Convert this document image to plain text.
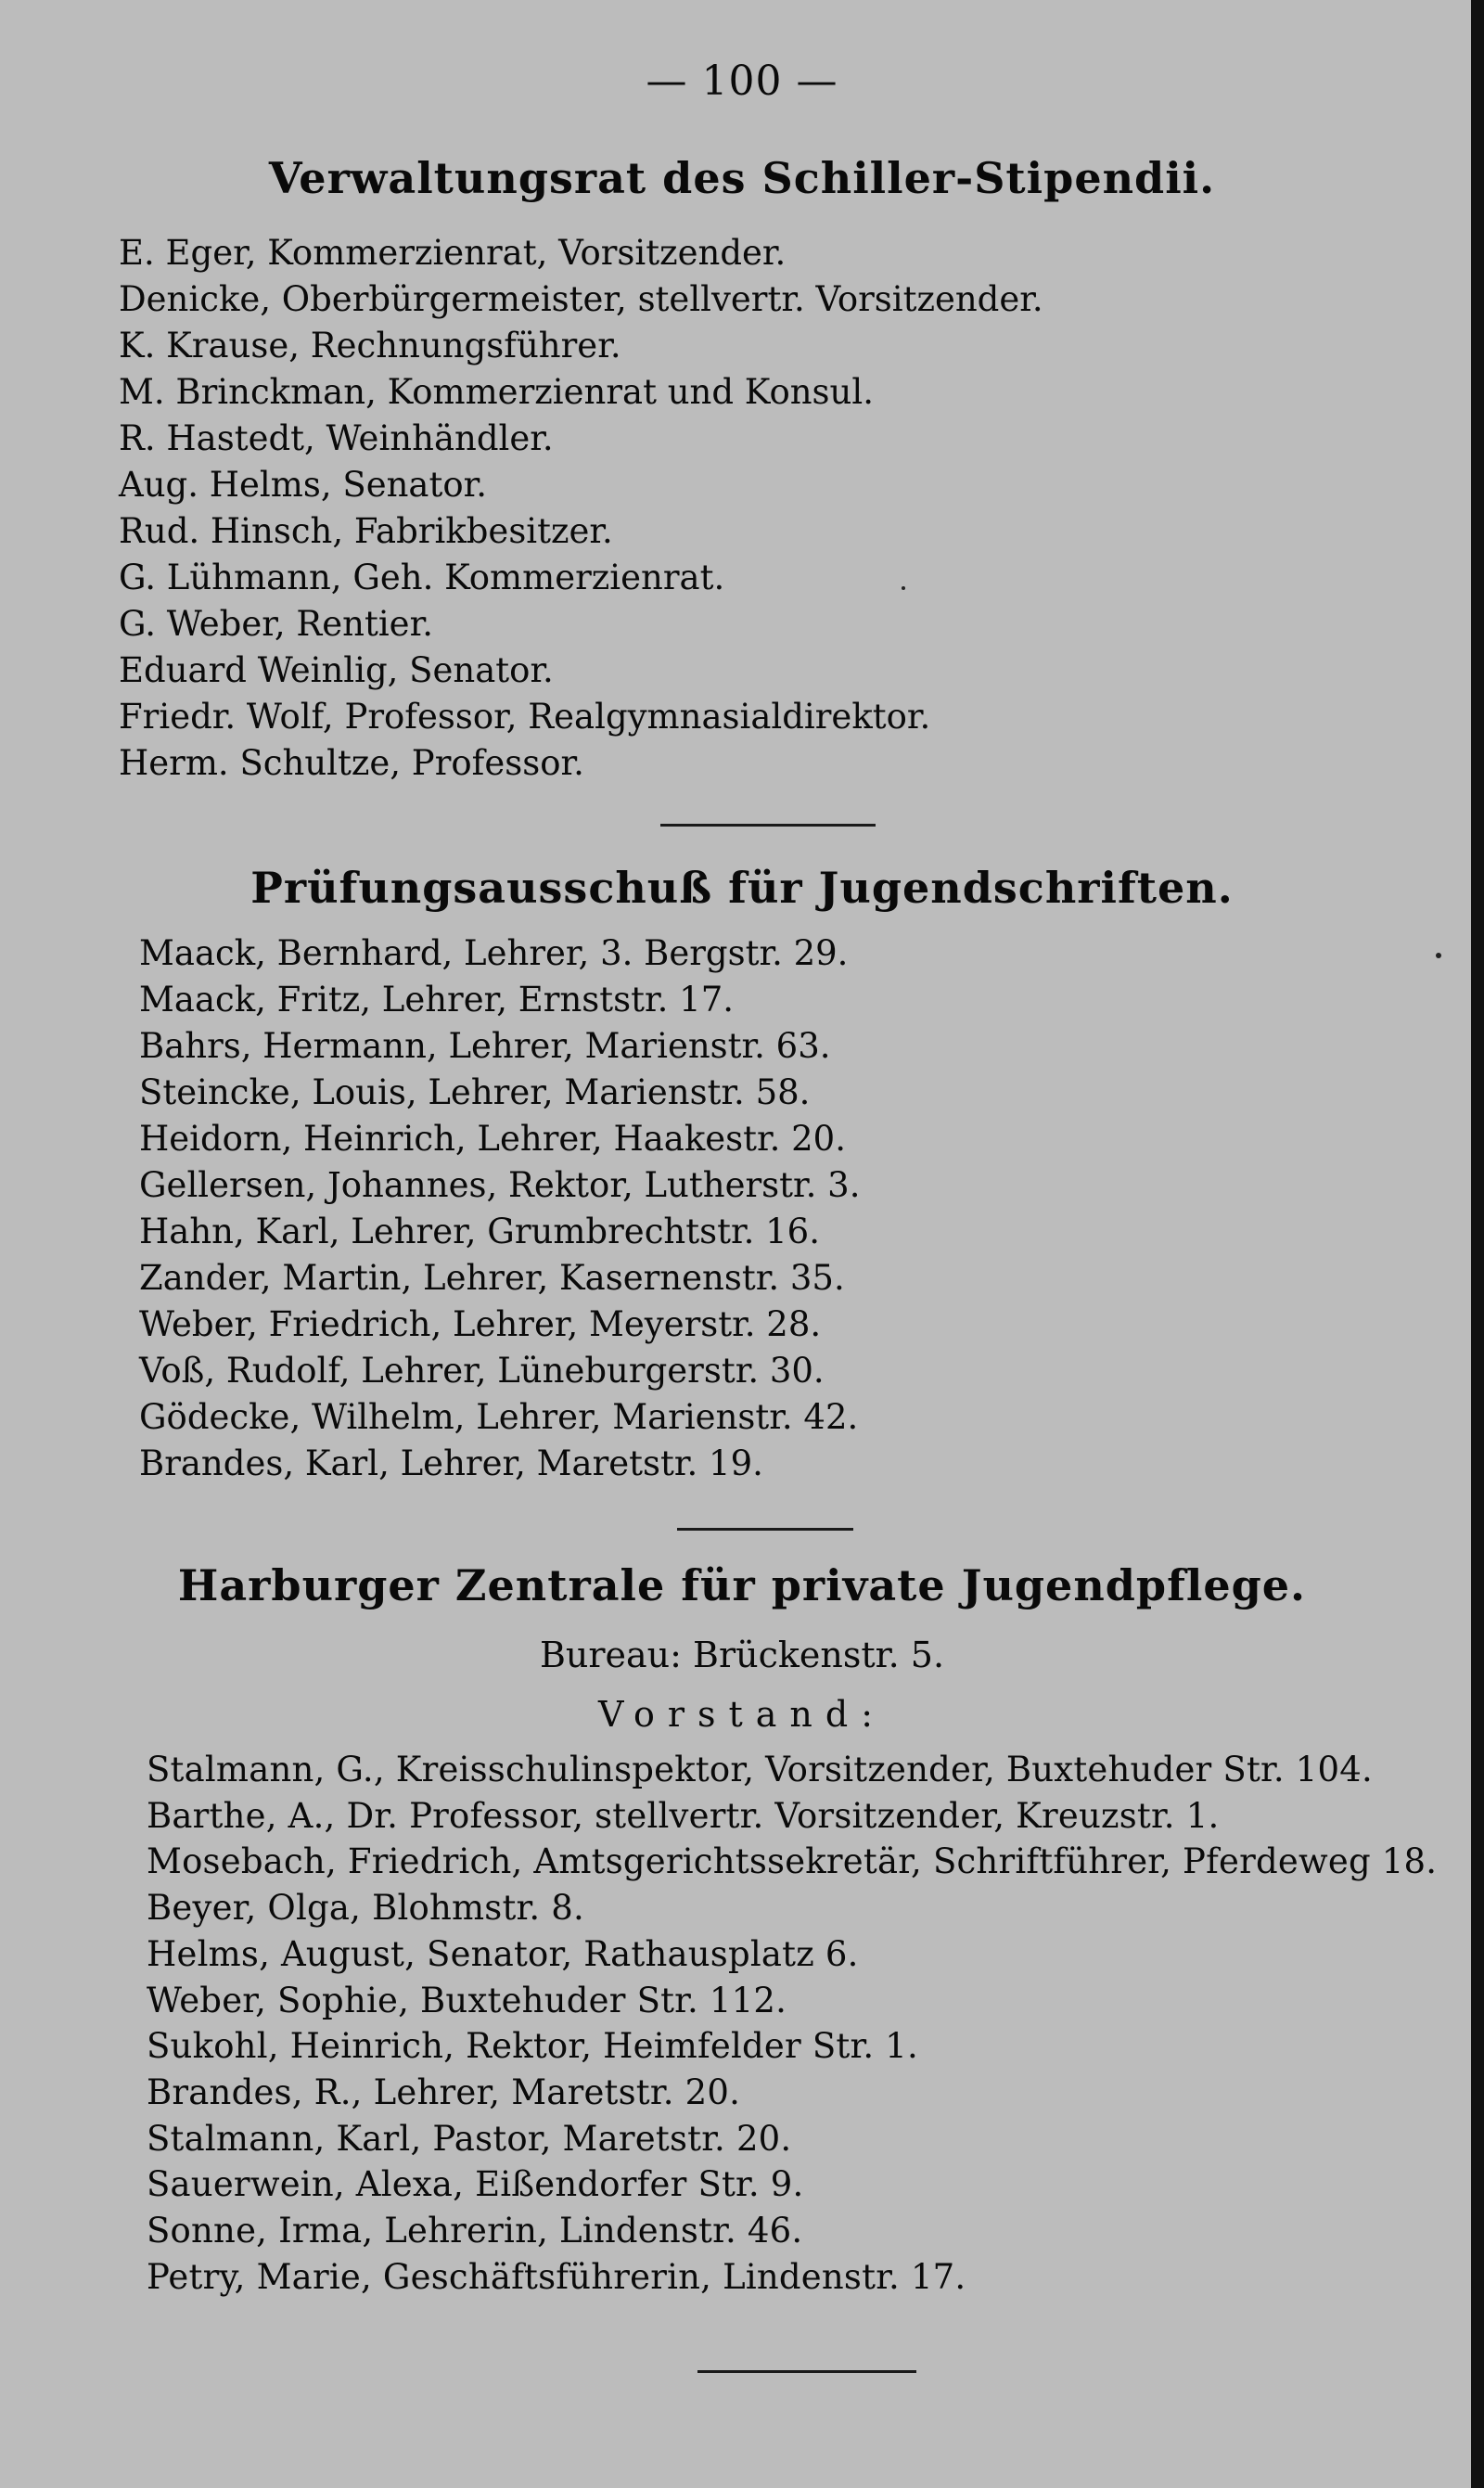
— 100 —
Verwaltungsrat des Schiller-Stipendii.
E. Eger, Kommerzienrat, Vorsitzender.
Denicke, Oberbürgermeister, stellvertr. Vorsitzender.
K. Krause, Rechnungsführer.
M. Brinckman, Kommerzienrat und Konsul.
R. Hastedt, Weinhändler.
Aug. Helms, Senator.
Rud. Hinsch, Fabrikbesitzer.
G. Lühmann, Geh. Kommerzienrat.
G. Weber, Rentier.
Eduard Weinlig, Senator.
Friedr. Wolf, Professor, Realgymnasialdirektor.
Herm. Schultze, Professor.
Prüfungsausschuß für Jugendschriften.
Maack, Bernhard, Lehrer, 3. Bergstr. 29.
Maack, Fritz, Lehrer, Ernststr. 17.
Bahrs, Hermann, Lehrer, Marienstr. 63.
Steincke, Louis, Lehrer, Marienstr. 58.
Heidorn, Heinrich, Lehrer, Haakestr. 20.
Gellersen, Johannes, Rektor, Lutherstr. 3.
Hahn, Karl, Lehrer, Grumbrechtstr. 16.
Zander, Martin, Lehrer, Kasernenstr. 35.
Weber, Friedrich, Lehrer, Meyerstr. 28.
Voß, Rudolf, Lehrer, Lüneburgerstr. 30.
Gödecke, Wilhelm, Lehrer, Marienstr. 42.
Brandes, Karl, Lehrer, Maretstr. 19.
Harburger Zentrale für private Jugendpflege.
Bureau: Brückenstr. 5.
Vorstand:
Stalmann, G., Kreisschulinspektor, Vorsitzender, Buxtehuder Str. 104.
Barthe, A., Dr. Professor, stellvertr. Vorsitzender, Kreuzstr. 1.
Mosebach, Friedrich, Amtsgerichtssekretär, Schriftführer, Pferdeweg 18.
Beyer, Olga, Blohmstr. 8.
Helms, August, Senator, Rathausplatz 6.
Weber, Sophie, Buxtehuder Str. 112.
Sukohl, Heinrich, Rektor, Heimfelder Str. 1.
Brandes, R., Lehrer, Maretstr. 20.
Stalmann, Karl, Pastor, Maretstr. 20.
Sauerwein, Alexa, Eißendorfer Str. 9.
Sonne, Irma, Lehrerin, Lindenstr. 46.
Petry, Marie, Geschäftsführerin, Lindenstr. 17.
